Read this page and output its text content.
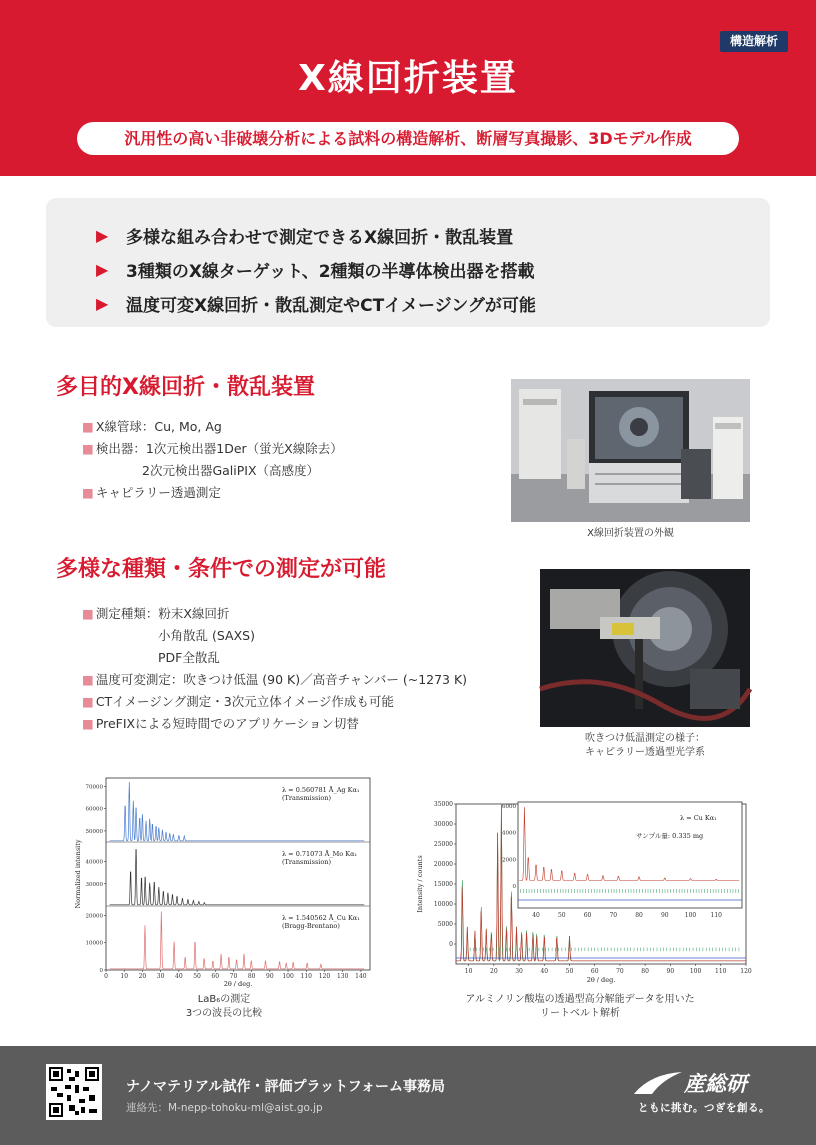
構造解析
X線回折装置
汎用性の高い非破壊分析による試料の構造解析、断層写真撮影、3Dモデル作成
▶	多様な組み合わせで測定できるX線回折・散乱装置
▶	3種類のX線ターゲット、2種類の半導体検出器を搭載
▶	温度可変X線回折・散乱測定やCTイメージングが可能
多目的X線回折・散乱装置
■ X線管球：Cu, Mo, Ag
■ 検出器：1次元検出器1Der（蛍光X線除去）
2次元検出器GaliPIX（高感度）
■ キャピラリー透過測定
X線回折装置の外観
多様な種類・条件での測定が可能
■ 測定種類：粉末X線回折
小角散乱 (SAXS)
PDF全散乱
■ 温度可変測定：吹きつけ低温 (90 K)／高音チャンバー (~1273 K)
■ CTイメージング測定・3次元立体イメージ作成も可能
■ PreFIXによる短時間でのアプリケーション切替
吹きつけ低温測定の様子：
キャピラリー透過型光学系
50000
60000
70000	λ = 0.560781 Å_Ag Kα₁
(Transmission)
30000
40000
λ = 0.71073 Å_Mo Kα₁
(Transmission)
0
10000
20000	λ = 1.540562 Å_Cu Kα₁
(Bragg-Brentano)
0 10 20 30 40 50 60 70 80 90 100 110 120 130 140
2θ / deg.
Normalized intensity
LaB₆の測定
3つの波長の比較
0
5000
10000
15000
20000
25000
30000
35000
10	20	30	40	50	60	70	80	90	100 110 120
2θ / deg.
Intensity / counts	0
2000
4000
6000
40	50	60	70	80	90	100 110
λ = Cu Kα₁
サンプル量: 0.335 mg
アルミノリン酸塩の透過型高分解能データを用いた
リートベルト解析
ナノマテリアル試作・評価プラットフォーム事務局
連絡先：M-nepp-tohoku-ml@aist.go.jp
産総研
ともに挑む。つぎを創る。
